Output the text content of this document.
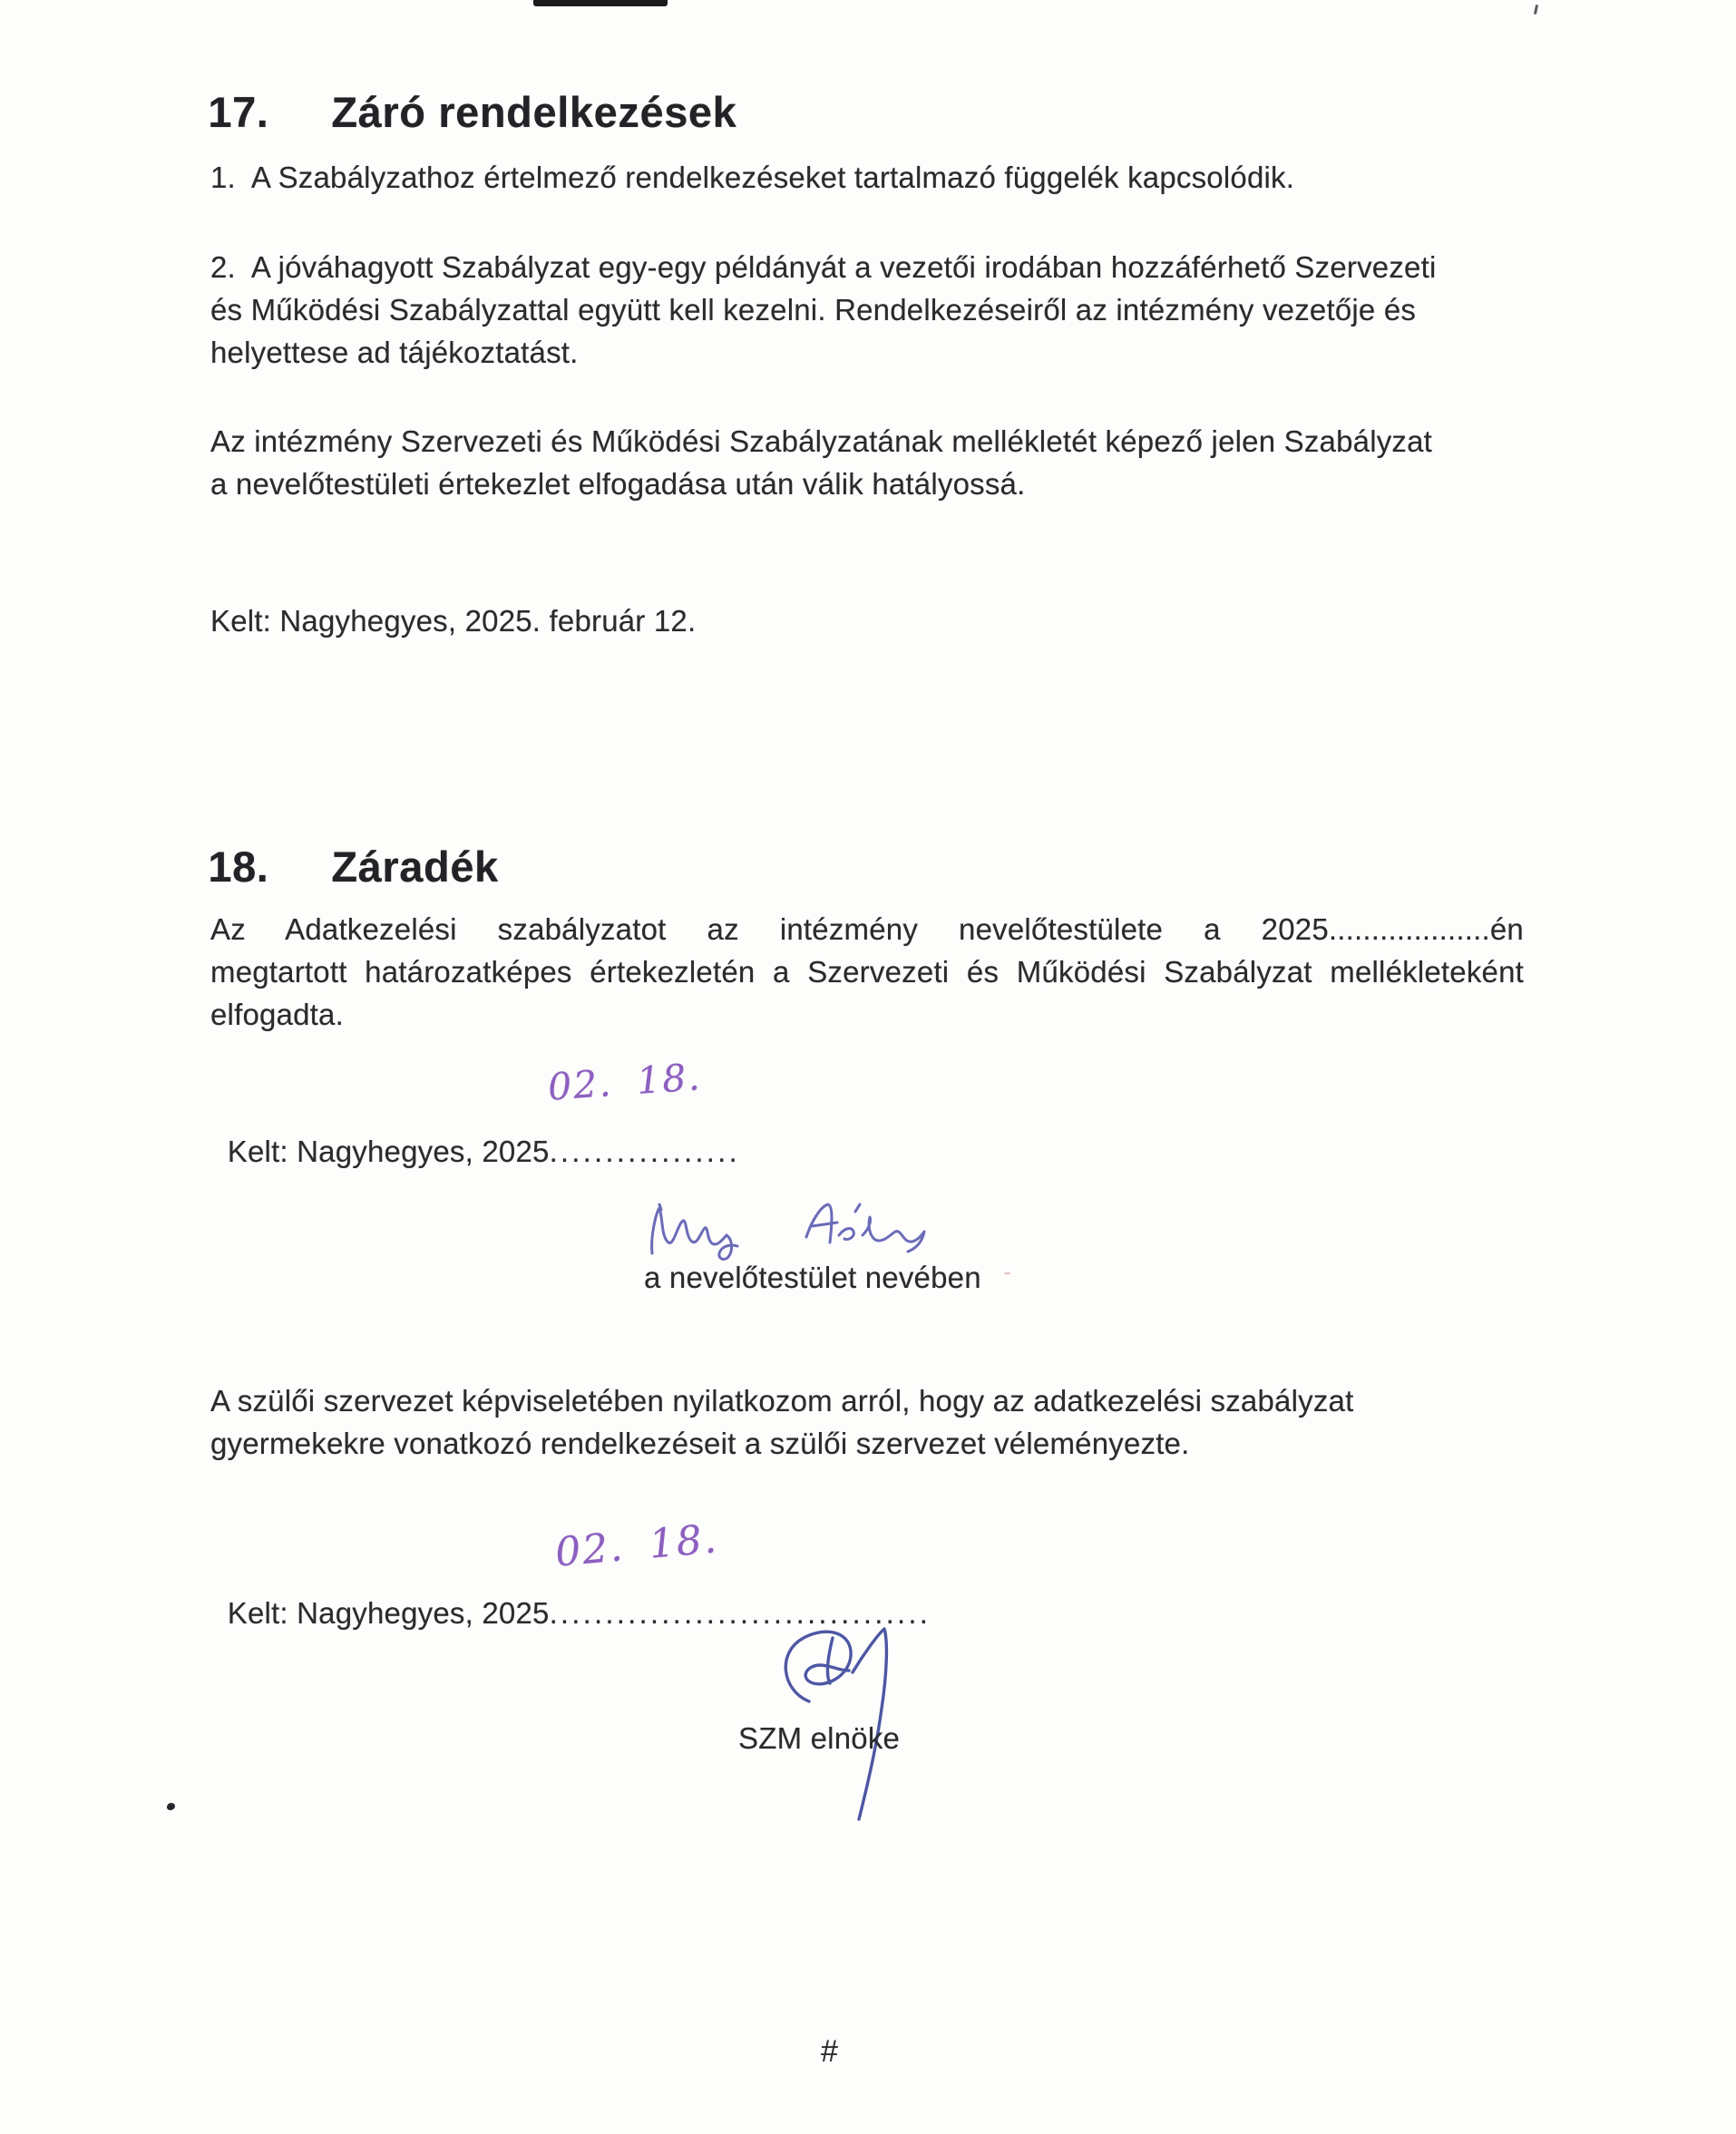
17. Záró rendelkezések

1.  A Szabályzathoz értelmező rendelkezéseket tartalmazó függelék kapcsolódik.
2.  A jóváhagyott Szabályzat egy-egy példányát a vezetői irodában hozzáférhető Szervezeti
és Működési Szabályzattal együtt kell kezelni. Rendelkezéseiről az intézmény vezetője és
helyettese ad tájékoztatást.
Az intézmény Szervezeti és Működési Szabályzatának mellékletét képező jelen Szabályzat
a nevelőtestületi értekezlet elfogadása után válik hatályossá.
Kelt: Nagyhegyes, 2025. február 12.

18. Záradék

Az Adatkezelési szabályzatot az intézmény nevelőtestülete a 2025...................én
megtartott határozatképes értekezletén a Szervezeti és Működési Szabályzat mellékleteként
elfogadta.

Kelt: Nagyhegyes, 2025.................

02. 18.

a nevelőtestület nevében -
A szülői szervezet képviseletében nyilatkozom arról, hogy az adatkezelési szabályzat
gyermekekre vonatkozó rendelkezéseit a szülői szervezet véleményezte.

Kelt: Nagyhegyes, 2025..................................

02. 18.

SZM elnöke
#
